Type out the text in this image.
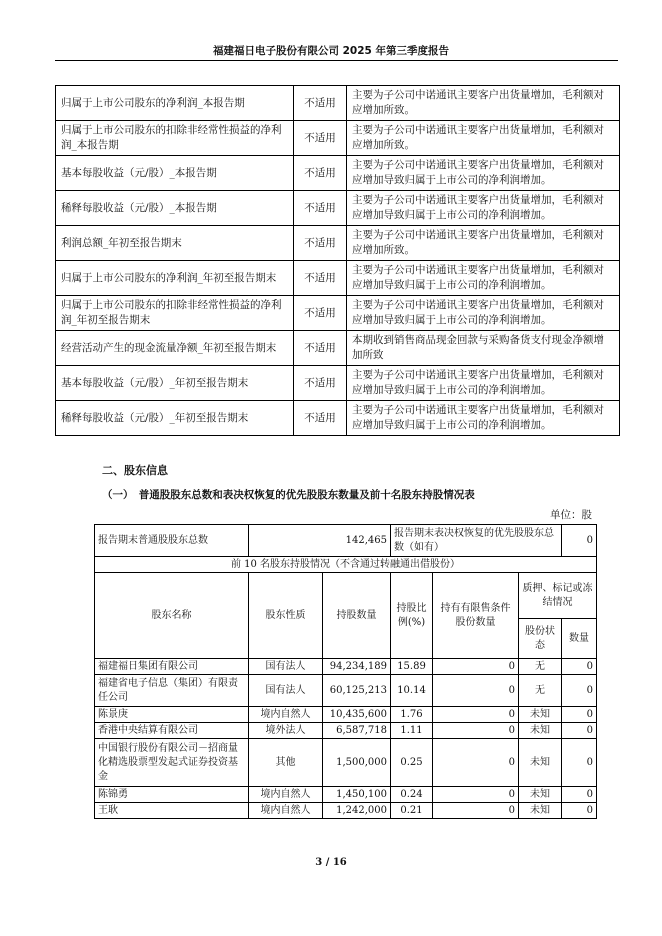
福建福日电子股份有限公司 2025 年第三季度报告
归属于上市公司股东的净利润_本报告期	不适用	主要为子公司中诺通讯主要客户出货量增加，毛利额对应增加所致。
归属于上市公司股东的扣除非经常性损益的净利润_本报告期	不适用	主要为子公司中诺通讯主要客户出货量增加，毛利额对应增加所致。
基本每股收益（元/股）_本报告期	不适用	主要为子公司中诺通讯主要客户出货量增加，毛利额对应增加导致归属于上市公司的净利润增加。
稀释每股收益（元/股）_本报告期	不适用	主要为子公司中诺通讯主要客户出货量增加，毛利额对应增加导致归属于上市公司的净利润增加。
利润总额_年初至报告期末	不适用	主要为子公司中诺通讯主要客户出货量增加，毛利额对应增加所致。
归属于上市公司股东的净利润_年初至报告期末	不适用	主要为子公司中诺通讯主要客户出货量增加，毛利额对应增加导致归属于上市公司的净利润增加。
归属于上市公司股东的扣除非经常性损益的净利润_年初至报告期末	不适用	主要为子公司中诺通讯主要客户出货量增加，毛利额对应增加导致归属于上市公司的净利润增加。
经营活动产生的现金流量净额_年初至报告期末	不适用	本期收到销售商品现金回款与采购备货支付现金净额增加所致
基本每股收益（元/股）_年初至报告期末	不适用	主要为子公司中诺通讯主要客户出货量增加，毛利额对应增加导致归属于上市公司的净利润增加。
稀释每股收益（元/股）_年初至报告期末	不适用	主要为子公司中诺通讯主要客户出货量增加，毛利额对应增加导致归属于上市公司的净利润增加。
二、股东信息
（一）　普通股股东总数和表决权恢复的优先股股东数量及前十名股东持股情况表
单位：股
报告期末普通股股东总数	142,465		报告期末表决权恢复的优先股股东总数（如有）			0
前 10 名股东持股情况（不含通过转融通出借股份）						
股东名称	股东性质	持股数量	持股比例(%)	持有有限售条件股份数量	质押、标记或冻结情况	
					股份状态	数量
福建福日集团有限公司	国有法人	94,234,189	15.89	0	无	0
福建省电子信息（集团）有限责任公司	国有法人	60,125,213	10.14	0	无	0
陈景庚	境内自然人	10,435,600	1.76	0	未知	0
香港中央结算有限公司	境外法人	6,587,718	1.11	0	未知	0
中国银行股份有限公司－招商量化精选股票型发起式证券投资基金	其他	1,500,000	0.25	0	未知	0
陈锦勇	境内自然人	1,450,100	0.24	0	未知	0
王耿	境内自然人	1,242,000	0.21	0	未知	0
3 / 16
